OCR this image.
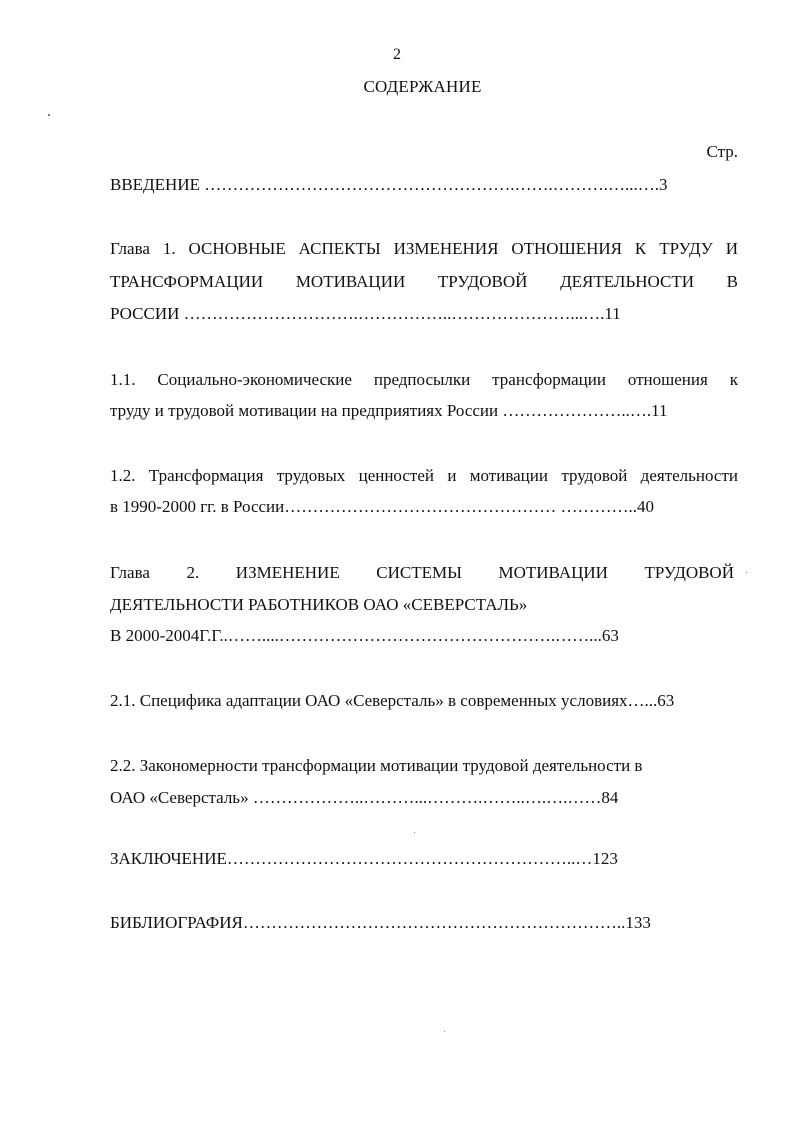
2
СОДЕРЖАНИЕ
Стр.
ВВЕДЕНИЕ ……………………………………………….…….……….…...….3
Глава 1. ОСНОВНЫЕ АСПЕКТЫ ИЗМЕНЕНИЯ ОТНОШЕНИЯ К ТРУДУ И
ТРАНСФОРМАЦИИ МОТИВАЦИИ ТРУДОВОЙ ДЕЯТЕЛЬНОСТИ В
РОССИИ ………………………….……………..…………………...….11
1.1. Социально-экономические предпосылки трансформации отношения к
труду и трудовой мотивации на предприятиях России …………………..….11
1.2. Трансформация трудовых ценностей и мотивации трудовой деятельности
в 1990-2000 гг. в России………………………………………… …………..40
Глава 2. ИЗМЕНЕНИЕ СИСТЕМЫ МОТИВАЦИИ ТРУДОВОЙ
ДЕЯТЕЛЬНОСТИ РАБОТНИКОВ ОАО «СЕВЕРСТАЛЬ»
В 2000-2004Г.Г..……....………………………………………….……...63
2.1. Специфика адаптации ОАО «Северсталь» в современных условиях…...63
2.2. Закономерности трансформации мотивации трудовой деятельности в
ОАО «Северсталь» ………………..………...……….……..….….……84
ЗАКЛЮЧЕНИЕ……………………………………………………..…123
БИБЛИОГРАФИЯ…………………………………………………………..133
